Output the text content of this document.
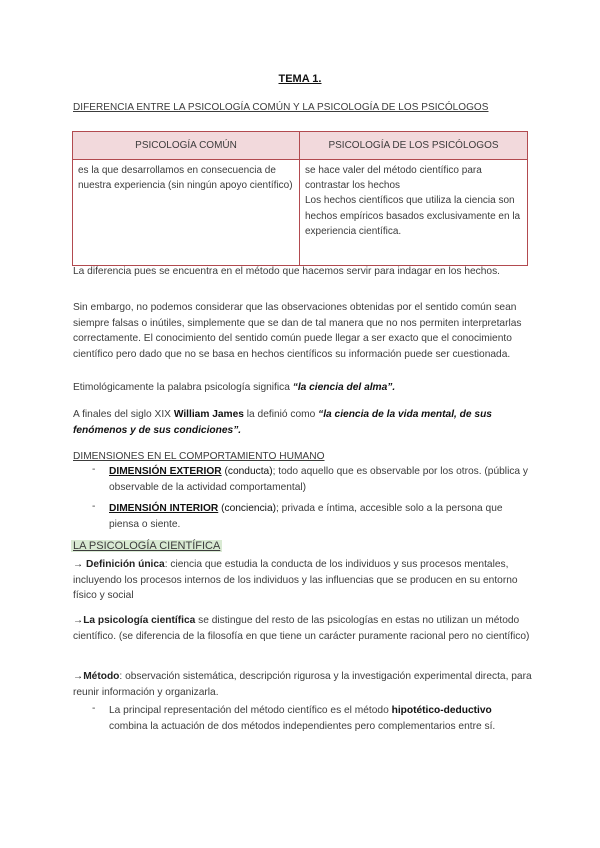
TEMA 1.
DIFERENCIA ENTRE LA PSICOLOGÍA COMÚN Y LA PSICOLOGÍA DE LOS PSICÓLOGOS
PSICOLOGÍA COMÚN	PSICOLOGÍA DE LOS PSICÓLOGOS
es la que desarrollamos en consecuencia de nuestra experiencia (sin ningún apoyo científico)	se hace valer del método científico para contrastar los hechos
Los hechos científicos que utiliza la ciencia son hechos empíricos basados exclusivamente en la experiencia científica.
La diferencia pues se encuentra en el método que hacemos servir para indagar en los hechos.
Sin embargo, no podemos considerar que las observaciones obtenidas por el sentido común sean siempre falsas o inútiles, simplemente que se dan de tal manera que no nos permiten interpretarlas correctamente. El conocimiento del sentido común puede llegar a ser exacto que el conocimiento científico pero dado que no se basa en hechos científicos su información puede ser cuestionada.
Etimológicamente la palabra psicología significa “la ciencia del alma”.
A finales del siglo XIX William James la definió como “la ciencia de la vida mental, de sus fenómenos y de sus condiciones”.
DIMENSIONES EN EL COMPORTAMIENTO HUMANO
- DIMENSIÓN EXTERIOR (conducta); todo aquello que es observable por los otros. (pública y observable de la actividad comportamental)
- DIMENSIÓN INTERIOR (conciencia); privada e íntima, accesible solo a la persona que piensa o siente.
LA PSICOLOGÍA CIENTÍFICA
→ Definición única: ciencia que estudia la conducta de los individuos y sus procesos mentales, incluyendo los procesos internos de los individuos y las influencias que se producen en su entorno físico y social
→La psicología científica se distingue del resto de las psicologías en estas no utilizan un método científico. (se diferencia de la filosofía en que tiene un carácter puramente racional pero no científico)
→Método: observación sistemática, descripción rigurosa y la investigación experimental directa, para reunir información y organizarla.
- La principal representación del método científico es el método hipotético-deductivo combina la actuación de dos métodos independientes pero complementarios entre sí.
